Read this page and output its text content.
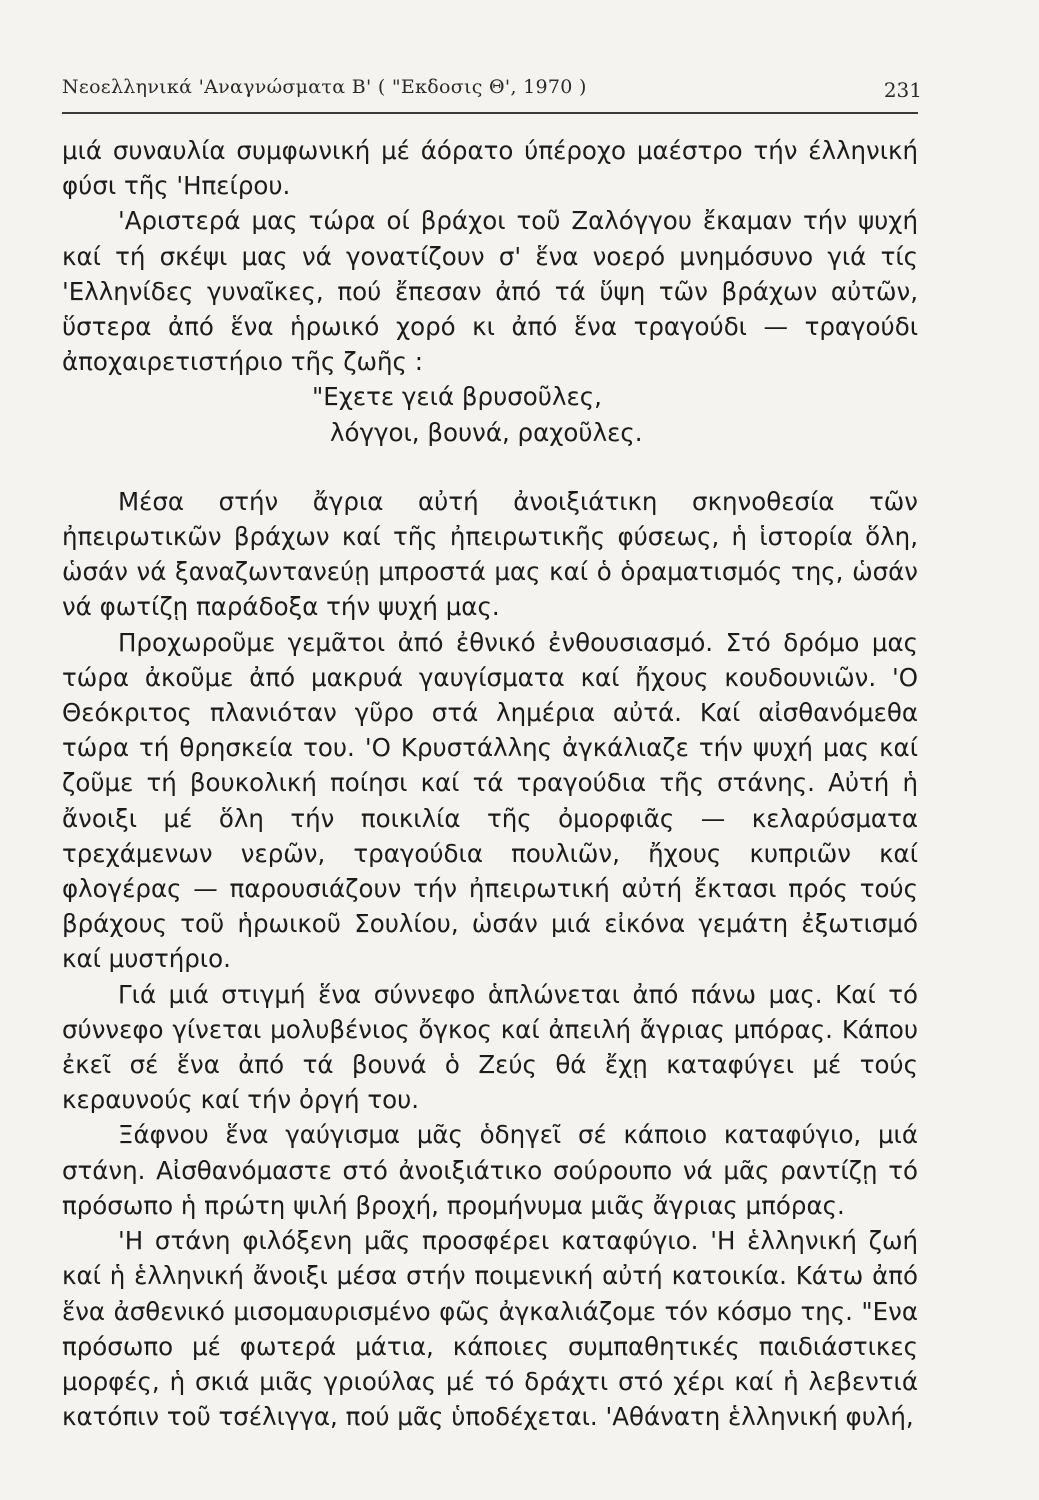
Νεοελληνικά 'Αναγνώσματα Β' ( "Εκδοσις Θ', 1970 )	231

μιά συναυλία συμφωνική μέ άόρατο ύπέροχο μαέστρο τήν έλληνική φύσι τῆς 'Ηπείρου.

'Αριστερά μας τώρα οί βράχοι τοῦ Ζαλόγγου ἔκαμαν τήν ψυχή καί τή σκέψι μας νά γονατίζουν σ' ἕνα νοερό μνημόσυνο γιά τίς 'Ελληνίδες γυναῖκες, πού ἔπεσαν ἀπό τά ὕψη τῶν βράχων αὐτῶν, ὕστερα ἀπό ἕνα ἡρωικό χορό κι ἀπό ἕνα τραγούδι — τραγούδι ἀποχαιρετιστήριο τῆς ζωῆς :

"Εχετε γειά βρυσοῦλες,
λόγγοι, βουνά, ραχοῦλες.

Μέσα στήν ἄγρια αὐτή ἀνοιξιάτικη σκηνοθεσία τῶν ἠπειρωτικῶν βράχων καί τῆς ἠπειρωτικῆς φύσεως, ἡ ἱστορία ὅλη, ὡσάν νά ξαναζωντανεύῃ μπροστά μας καί ὁ ὁραματισμός της, ὡσάν νά φωτίζῃ παράδοξα τήν ψυχή μας.

Προχωροῦμε γεμᾶτοι ἀπό ἐθνικό ἐνθουσιασμό. Στό δρόμο μας τώρα ἀκοῦμε ἀπό μακρυά γαυγίσματα καί ἤχους κουδουνιῶν. 'Ο Θεόκριτος πλανιόταν γῦρο στά λημέρια αὐτά. Καί αἰσθανόμεθα τώρα τή θρησκεία του. 'Ο Κρυστάλλης ἀγκάλιαζε τήν ψυχή μας καί ζοῦμε τή βουκολική ποίησι καί τά τραγούδια τῆς στάνης. Αὐτή ἡ ἄνοιξι μέ ὅλη τήν ποικιλία τῆς ὀμορφιᾶς — κελαρύσματα τρεχάμενων νερῶν, τραγούδια πουλιῶν, ἤχους κυπριῶν καί φλογέρας — παρουσιάζουν τήν ἠπειρωτική αὐτή ἔκτασι πρός τούς βράχους τοῦ ἡρωικοῦ Σουλίου, ὡσάν μιά εἰκόνα γεμάτη ἐξωτισμό καί μυστήριο.

Γιά μιά στιγμή ἕνα σύννεφο ἁπλώνεται ἀπό πάνω μας. Καί τό σύννεφο γίνεται μολυβένιος ὄγκος καί ἀπειλή ἄγριας μπόρας. Κάπου ἐκεῖ σέ ἕνα ἀπό τά βουνά ὁ Ζεύς θά ἔχῃ καταφύγει μέ τούς κεραυνούς καί τήν ὀργή του.

Ξάφνου ἕνα γαύγισμα μᾶς ὁδηγεῖ σέ κάποιο καταφύγιο, μιά στάνη. Αἰσθανόμαστε στό ἀνοιξιάτικο σούρουπο νά μᾶς ραντίζῃ τό πρόσωπο ἡ πρώτη ψιλή βροχή, προμήνυμα μιᾶς ἄγριας μπόρας.

'Η στάνη φιλόξενη μᾶς προσφέρει καταφύγιο. 'Η ἑλληνική ζωή καί ἡ ἑλληνική ἄνοιξι μέσα στήν ποιμενική αὐτή κατοικία. Κάτω ἀπό ἕνα ἀσθενικό μισομαυρισμένο φῶς ἀγκαλιάζομε τόν κόσμο της. "Ενα πρόσωπο μέ φωτερά μάτια, κάποιες συμπαθητικές παιδιάστικες μορφές, ἡ σκιά μιᾶς γριούλας μέ τό δράχτι στό χέρι καί ἡ λεβεντιά κατόπιν τοῦ τσέλιγγα, πού μᾶς ὑποδέχεται. 'Αθάνατη ἑλληνική φυλή,
